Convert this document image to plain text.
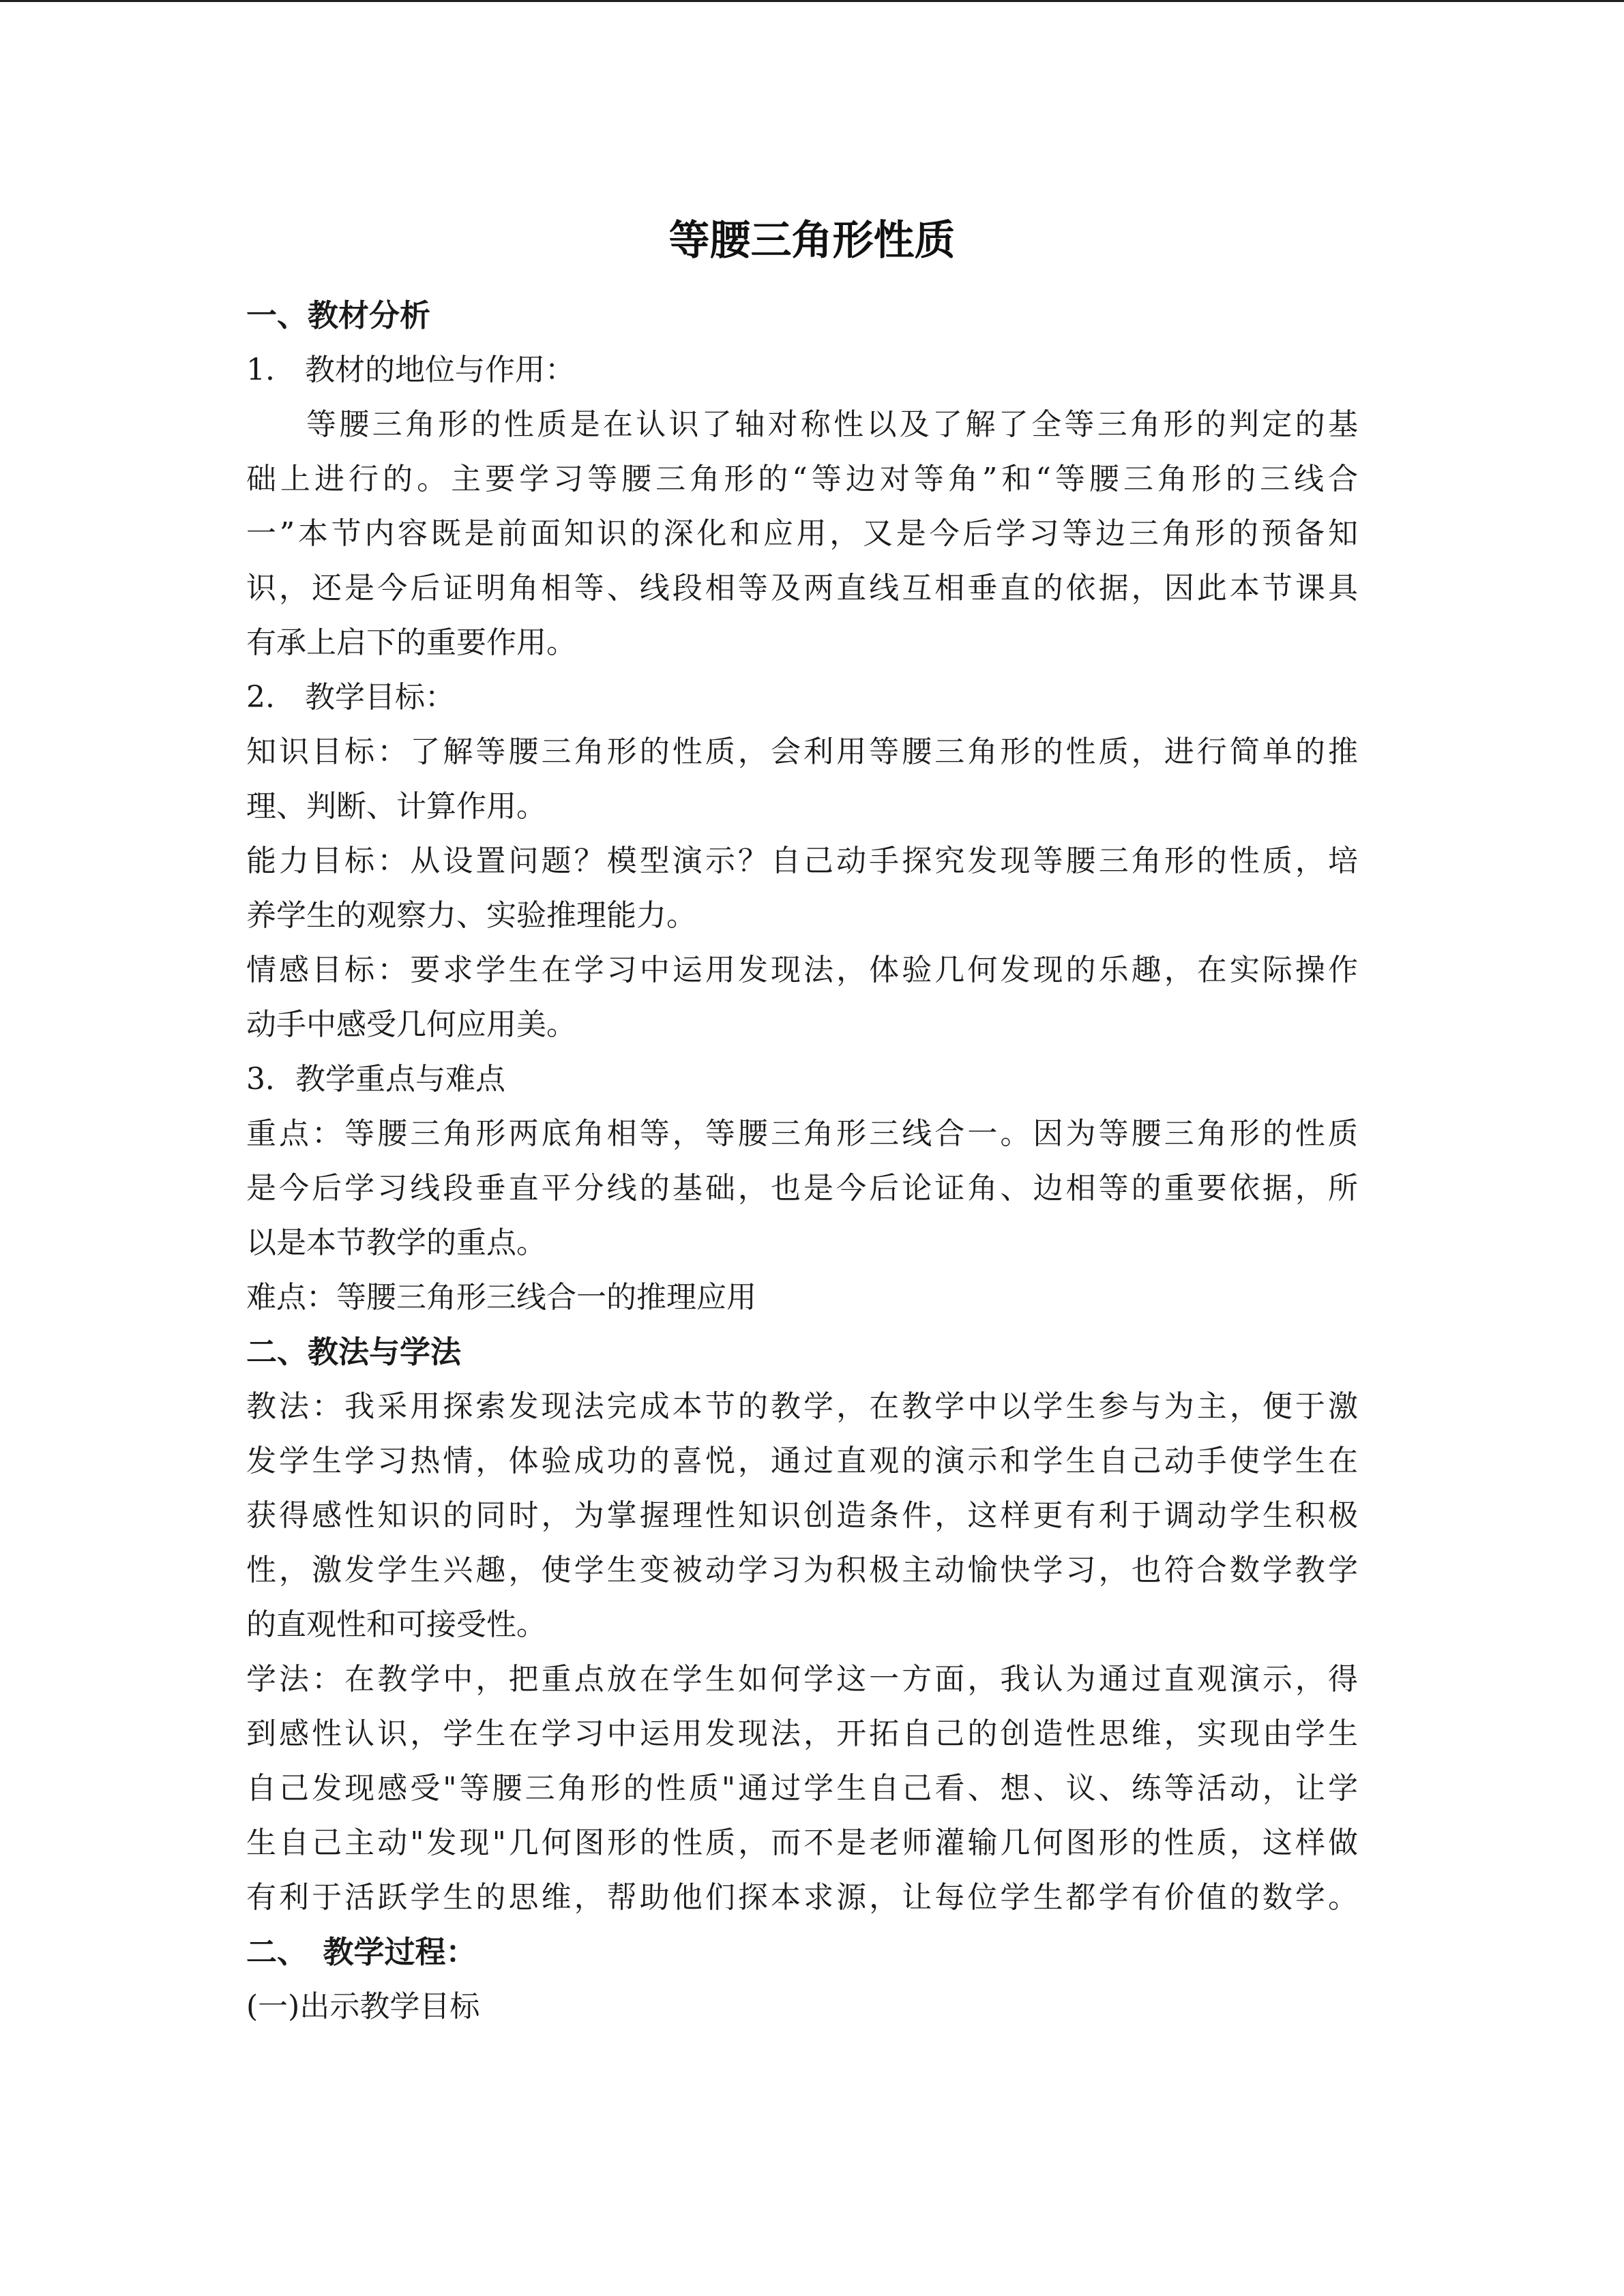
等腰三角形性质
一、教材分析
1.　教材的地位与作用：
等腰三角形的性质是在认识了轴对称性以及了解了全等三角形的判定的基
础上进行的。主要学习等腰三角形的“等边对等角”和“等腰三角形的三线合
一”本节内容既是前面知识的深化和应用，又是今后学习等边三角形的预备知
识，还是今后证明角相等、线段相等及两直线互相垂直的依据，因此本节课具
有承上启下的重要作用。
2.　教学目标：
知识目标：了解等腰三角形的性质，会利用等腰三角形的性质，进行简单的推
理、判断、计算作用。
能力目标：从设置问题？模型演示？自己动手探究发现等腰三角形的性质，培
养学生的观察力、实验推理能力。
情感目标：要求学生在学习中运用发现法，体验几何发现的乐趣，在实际操作
动手中感受几何应用美。
3．教学重点与难点
重点：等腰三角形两底角相等，等腰三角形三线合一。因为等腰三角形的性质
是今后学习线段垂直平分线的基础，也是今后论证角、边相等的重要依据，所
以是本节教学的重点。
难点：等腰三角形三线合一的推理应用
二、教法与学法
教法：我采用探索发现法完成本节的教学，在教学中以学生参与为主，便于激
发学生学习热情，体验成功的喜悦，通过直观的演示和学生自己动手使学生在
获得感性知识的同时，为掌握理性知识创造条件，这样更有利于调动学生积极
性，激发学生兴趣，使学生变被动学习为积极主动愉快学习，也符合数学教学
的直观性和可接受性。
学法：在教学中，把重点放在学生如何学这一方面，我认为通过直观演示，得
到感性认识，学生在学习中运用发现法，开拓自己的创造性思维，实现由学生
自己发现感受"等腰三角形的性质"通过学生自己看、想、议、练等活动，让学
生自己主动"发现"几何图形的性质，而不是老师灌输几何图形的性质，这样做
有利于活跃学生的思维，帮助他们探本求源，让每位学生都学有价值的数学。
二、　教学过程：
(一)出示教学目标
